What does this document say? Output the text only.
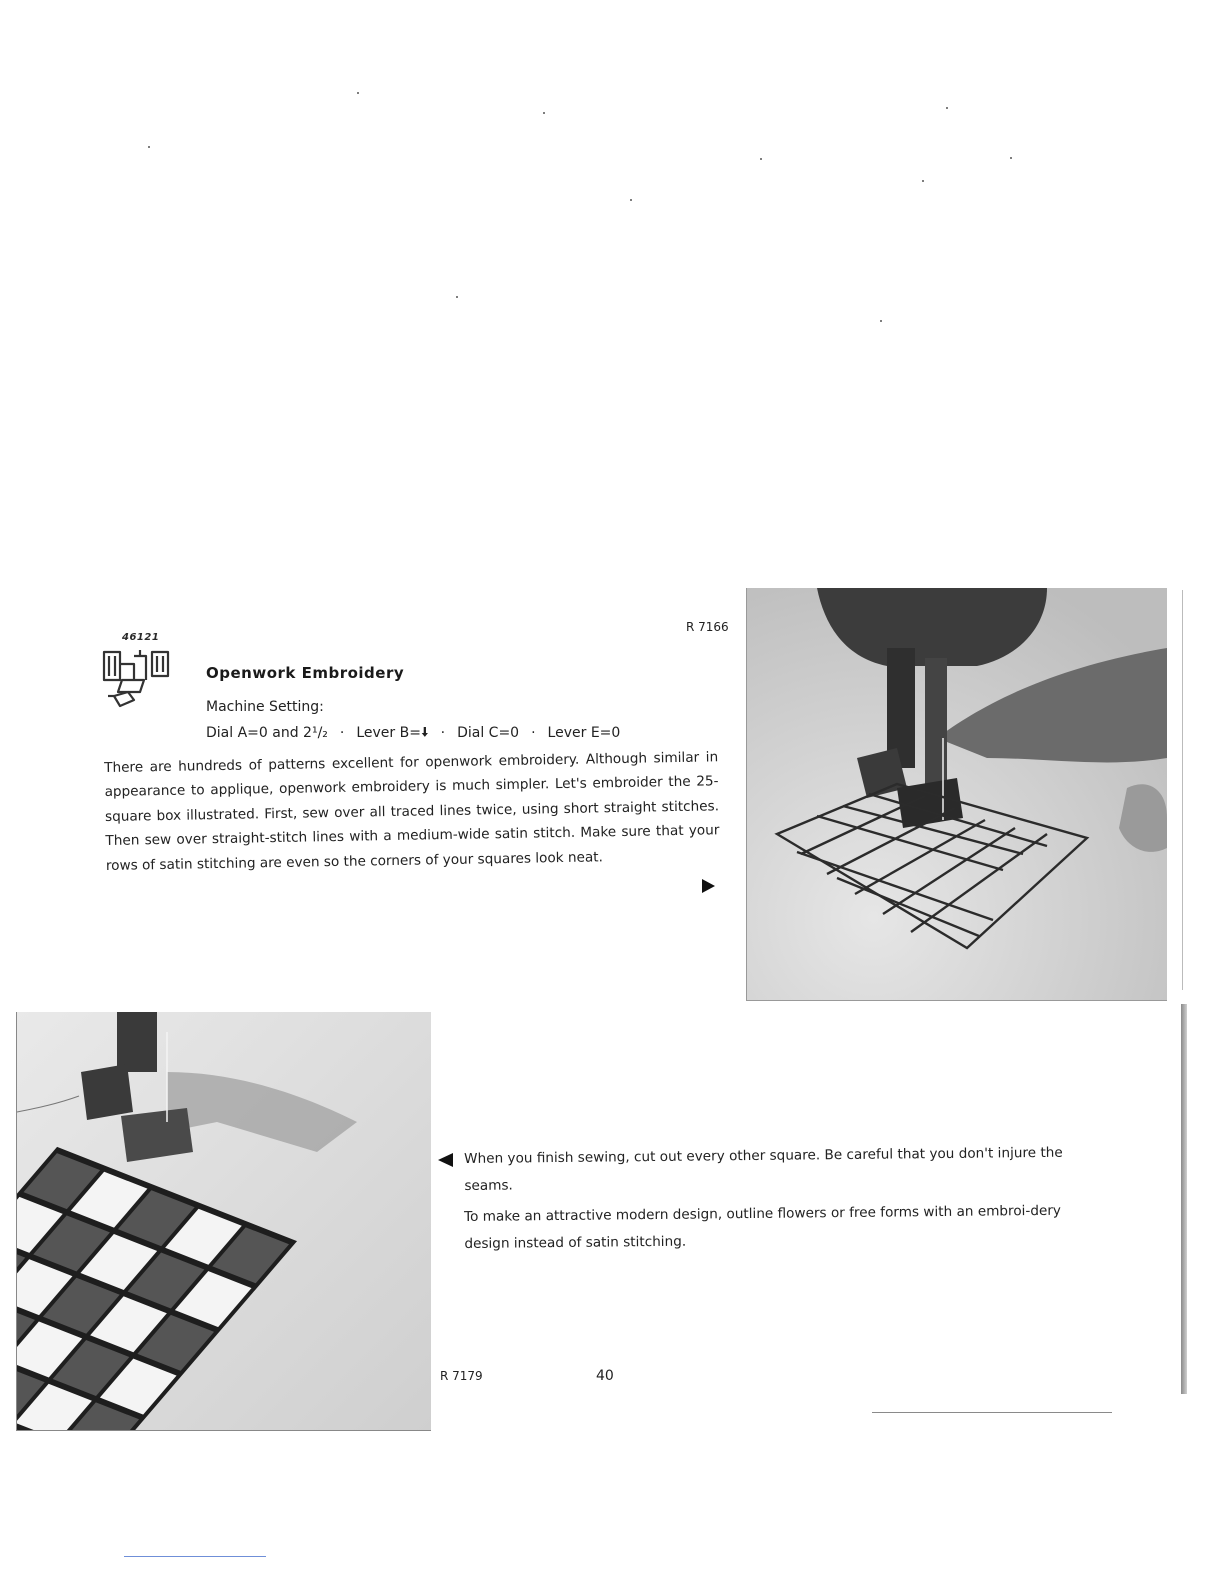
46121
R 7166
Openwork Embroidery
Machine Setting:
Dial A=0 and 2¹/₂ · Lever B=🠫 · Dial C=0 · Lever E=0
There are hundreds of patterns excellent for openwork embroidery. Although similar in appearance to applique, openwork embroidery is much simpler. Let's embroider the 25-square box illustrated. First, sew over all traced lines twice, using short straight stitches. Then sew over straight-stitch lines with a medium-wide satin stitch. Make sure that your rows of satin stitching are even so the corners of your squares look neat.
When you finish sewing, cut out every other square. Be careful that you don't injure the seams.
To make an attractive modern design, outline flowers or free forms with an embroi-dery design instead of satin stitching.
R 7179	40
